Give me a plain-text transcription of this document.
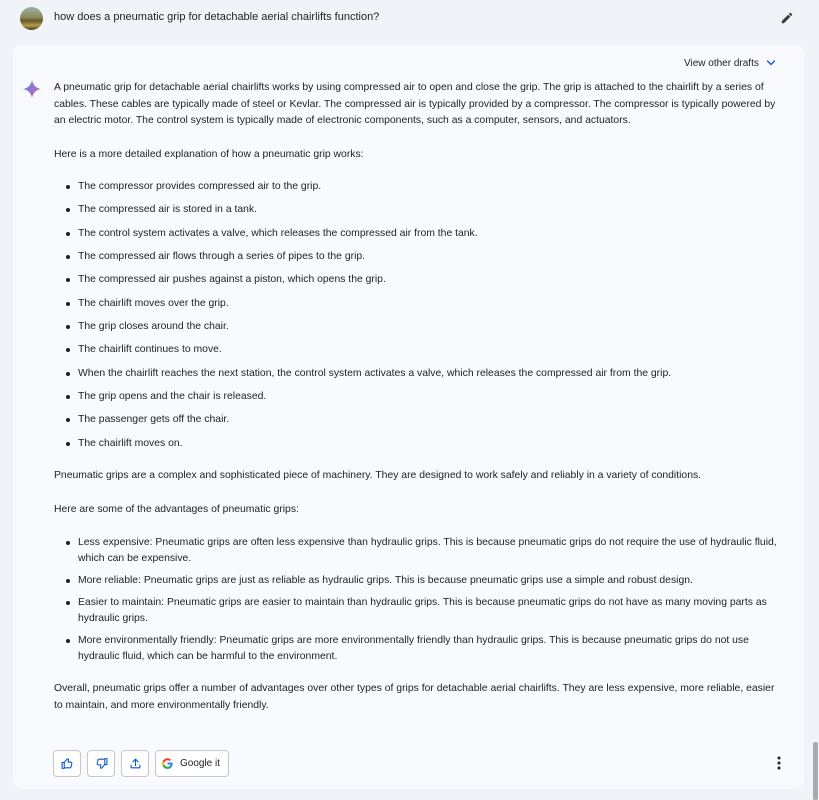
how does a pneumatic grip for detachable aerial chairlifts function?
View other drafts

A pneumatic grip for detachable aerial chairlifts works by using compressed air to open and close the grip. The grip is attached to the chairlift by a series of cables. These cables are typically made of steel or Kevlar. The compressed air is typically provided by a compressor. The compressor is typically powered by an electric motor. The control system is typically made of electronic components, such as a computer, sensors, and actuators.

Here is a more detailed explanation of how a pneumatic grip works:

The compressor provides compressed air to the grip.
The compressed air is stored in a tank.
The control system activates a valve, which releases the compressed air from the tank.
The compressed air flows through a series of pipes to the grip.
The compressed air pushes against a piston, which opens the grip.
The chairlift moves over the grip.
The grip closes around the chair.
The chairlift continues to move.
When the chairlift reaches the next station, the control system activates a valve, which releases the compressed air from the grip.
The grip opens and the chair is released.
The passenger gets off the chair.
The chairlift moves on.

Pneumatic grips are a complex and sophisticated piece of machinery. They are designed to work safely and reliably in a variety of conditions.

Here are some of the advantages of pneumatic grips:

Less expensive: Pneumatic grips are often less expensive than hydraulic grips. This is because pneumatic grips do not require the use of hydraulic fluid, which can be expensive.
More reliable: Pneumatic grips are just as reliable as hydraulic grips. This is because pneumatic grips use a simple and robust design.
Easier to maintain: Pneumatic grips are easier to maintain than hydraulic grips. This is because pneumatic grips do not have as many moving parts as hydraulic grips.
More environmentally friendly: Pneumatic grips are more environmentally friendly than hydraulic grips. This is because pneumatic grips do not use hydraulic fluid, which can be harmful to the environment.

Overall, pneumatic grips offer a number of advantages over other types of grips for detachable aerial chairlifts. They are less expensive, more reliable, easier to maintain, and more environmentally friendly.

Google it
